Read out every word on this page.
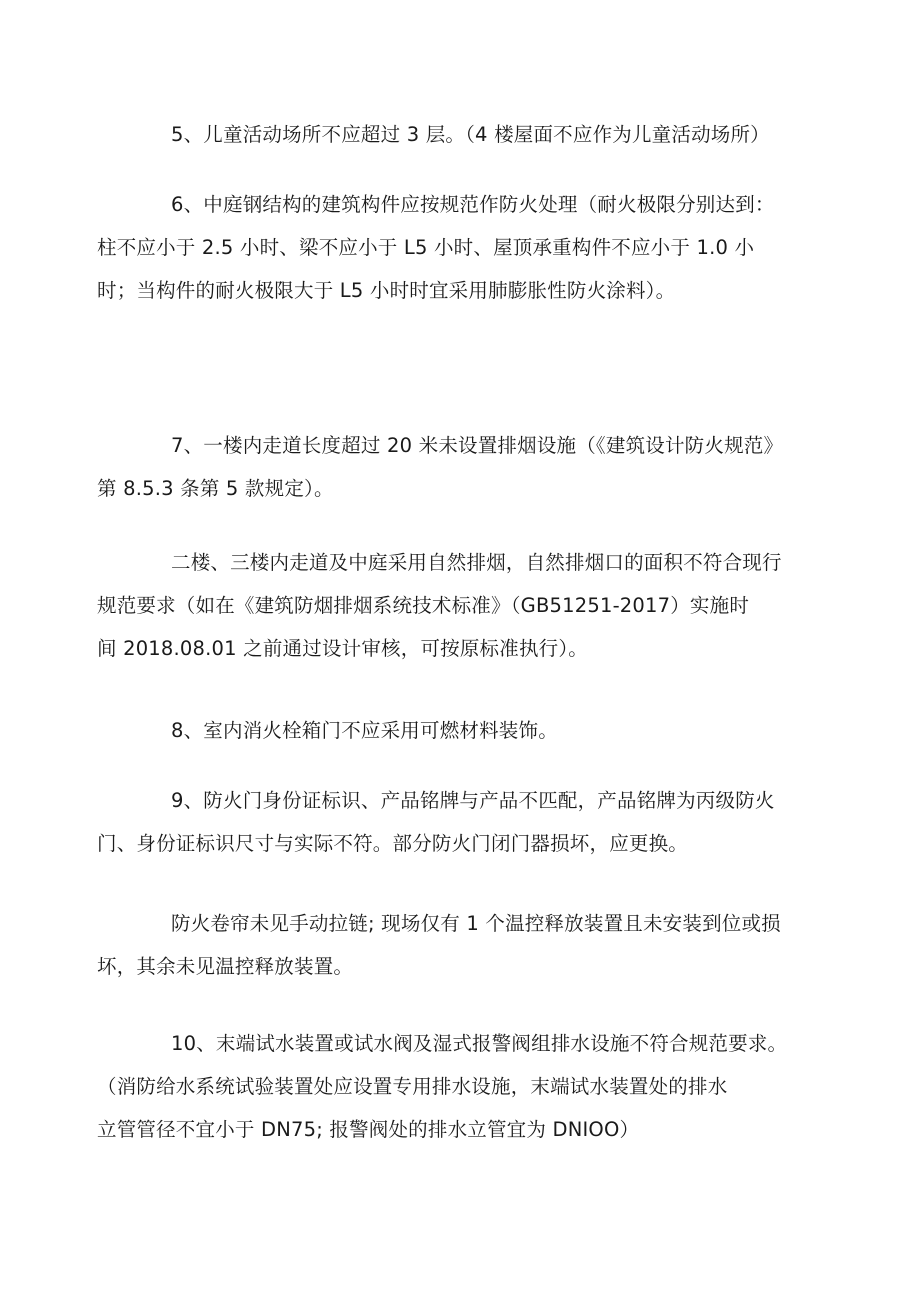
5、儿童活动场所不应超过 3 层。（4 楼屋面不应作为儿童活动场所）

6、中庭钢结构的建筑构件应按规范作防火处理（耐火极限分别达到：
柱不应小于 2.5 小时、梁不应小于 L5 小时、屋顶承重构件不应小于 1.0 小
时；当构件的耐火极限大于 L5 小时时宜采用肺膨胀性防火涂料）。

7、一楼内走道长度超过 20 米未设置排烟设施（《建筑设计防火规范》
第 8.5.3 条第 5 款规定）。

二楼、三楼内走道及中庭采用自然排烟，自然排烟口的面积不符合现行
规范要求（如在《建筑防烟排烟系统技术标准》（GB51251-2017）实施时
间 2018.08.01 之前通过设计审核，可按原标准执行）。

8、室内消火栓箱门不应采用可燃材料装饰。

9、防火门身份证标识、产品铭牌与产品不匹配，产品铭牌为丙级防火
门、身份证标识尺寸与实际不符。部分防火门闭门器损坏，应更换。

防火卷帘未见手动拉链; 现场仅有 1 个温控释放装置且未安装到位或损
坏，其余未见温控释放装置。

10、末端试水装置或试水阀及湿式报警阀组排水设施不符合规范要求。
（消防给水系统试验装置处应设置专用排水设施，末端试水装置处的排水
立管管径不宜小于 DN75; 报警阀处的排水立管宜为 DNIOO）
